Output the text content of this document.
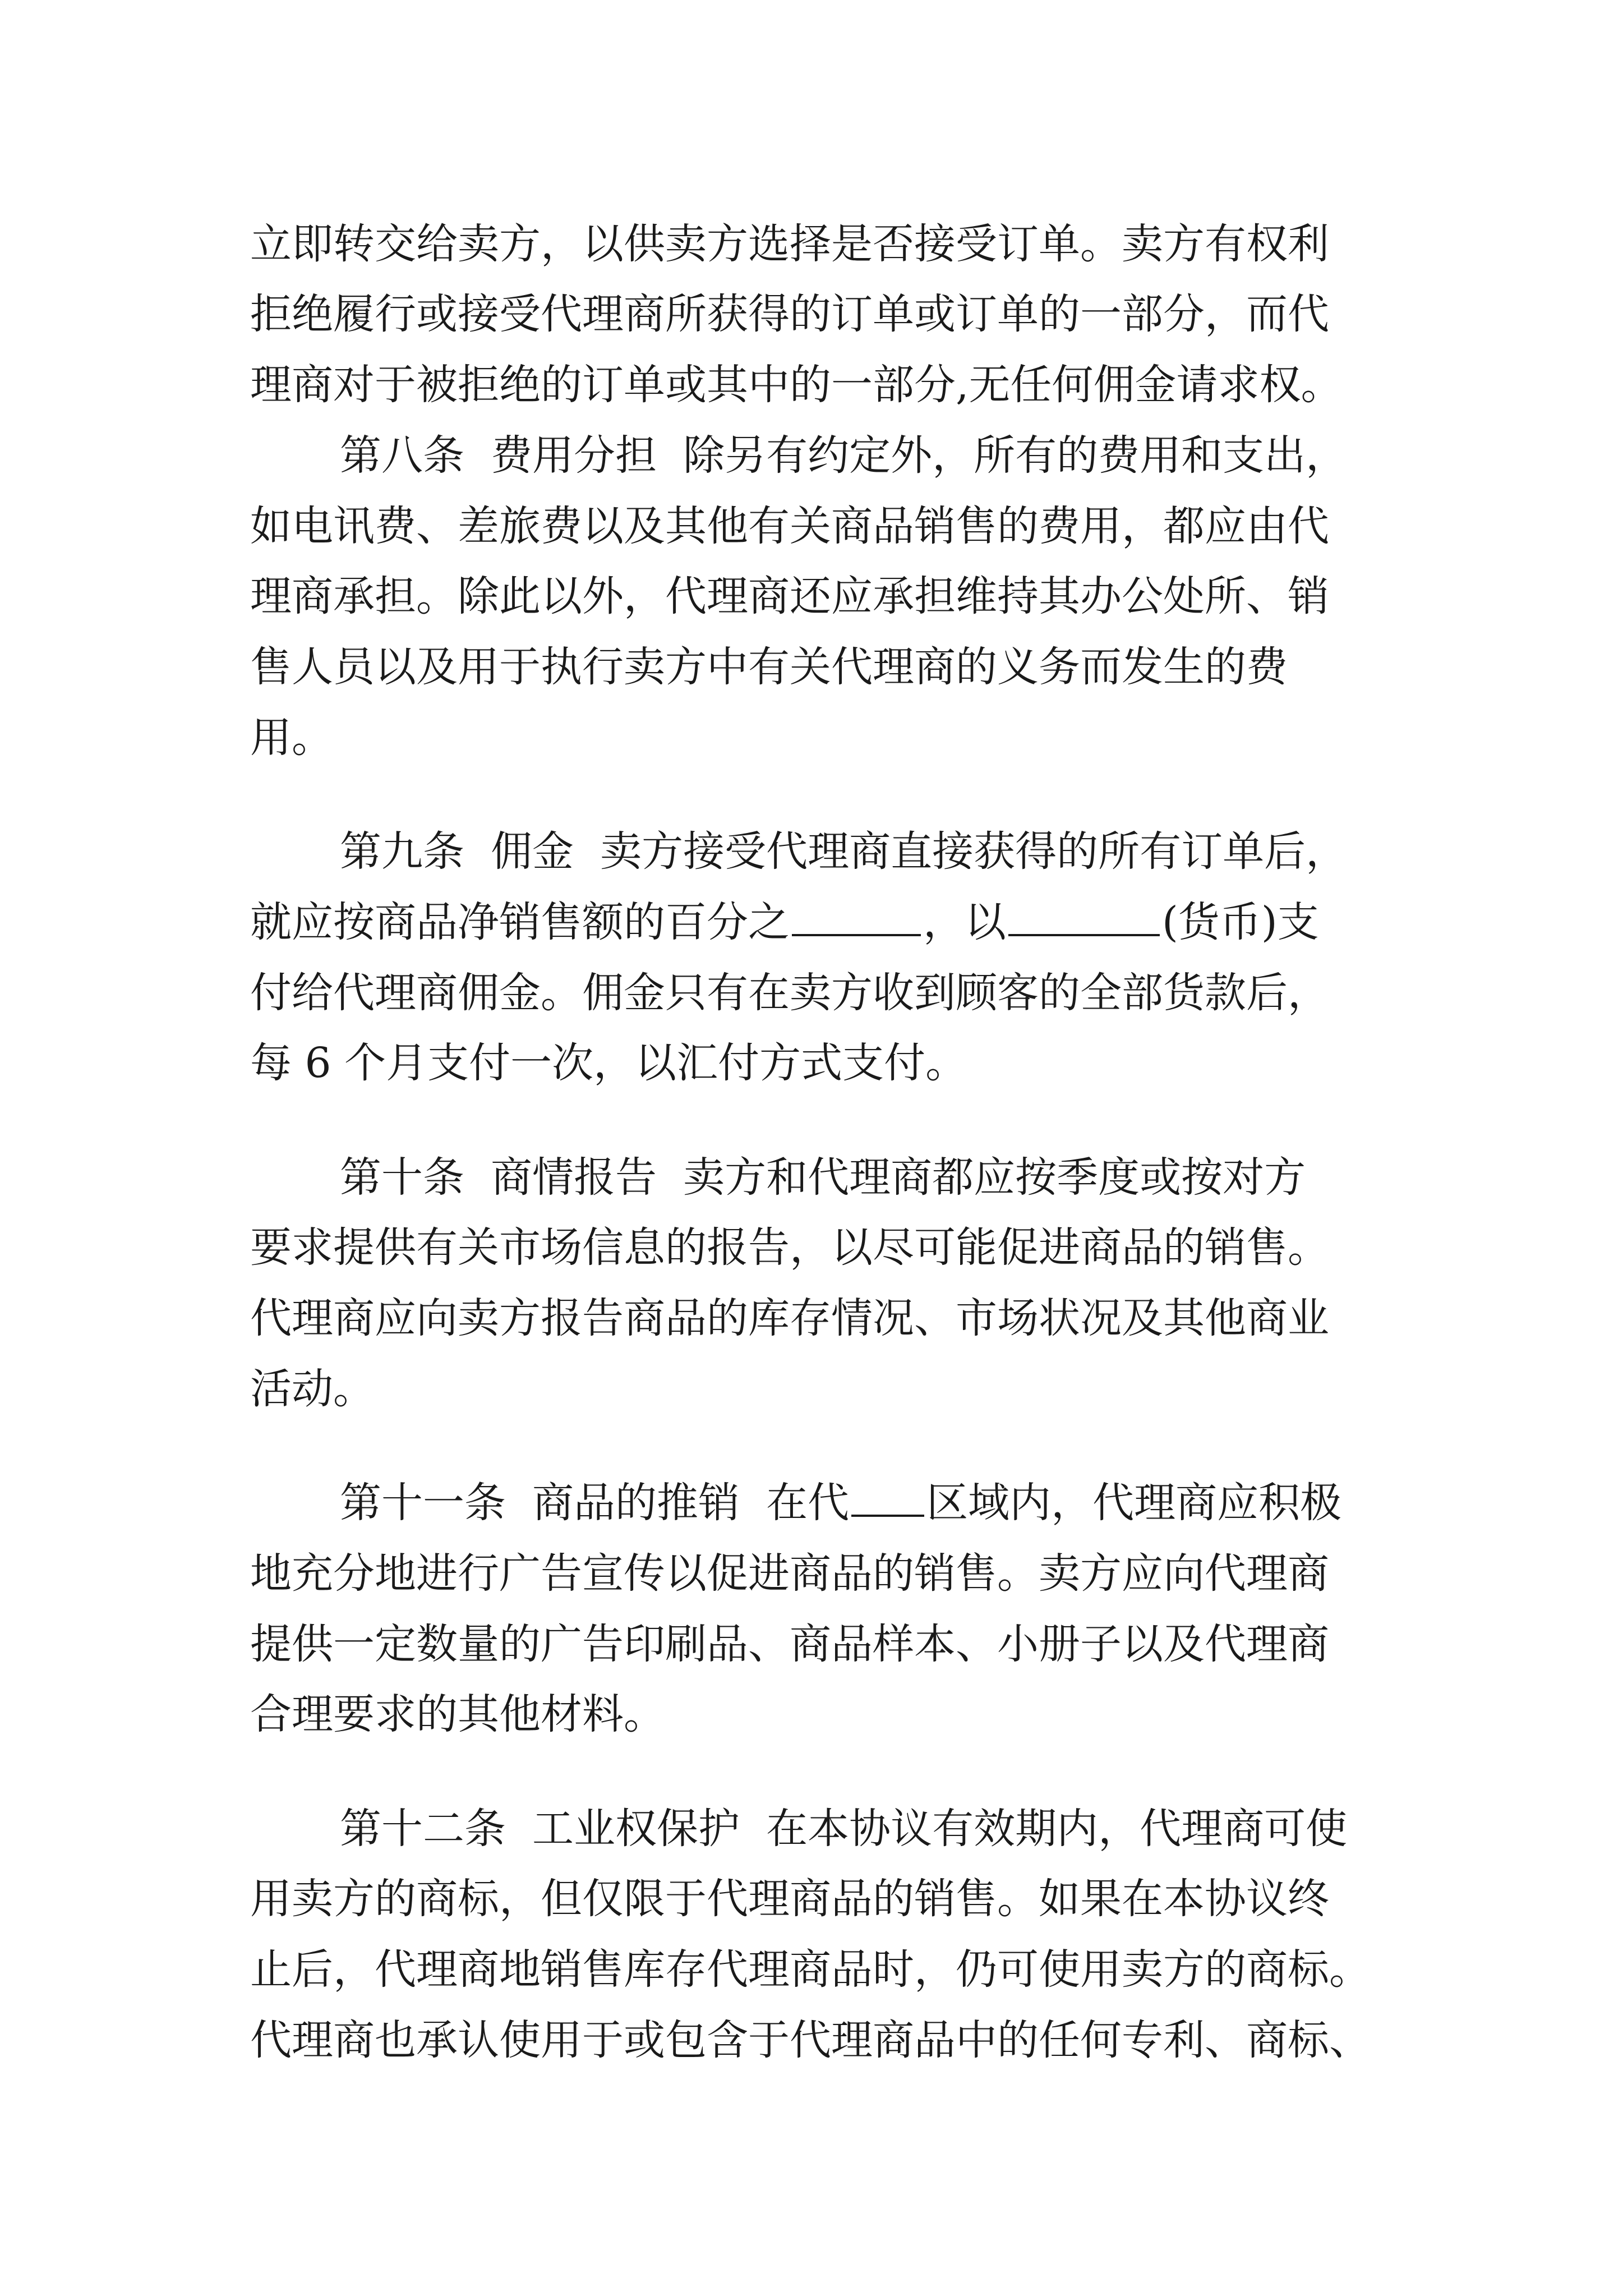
立即转交给卖方，以供卖方选择是否接受订单。卖方有权利
拒绝履行或接受代理商所获得的订单或订单的一部分，而代
理商对于被拒绝的订单或其中的一部分,无任何佣金请求权。
第八条  费用分担  除另有约定外，所有的费用和支出，
如电讯费、差旅费以及其他有关商品销售的费用，都应由代
理商承担。除此以外，代理商还应承担维持其办公处所、销
售人员以及用于执行卖方中有关代理商的义务而发生的费
用。
第九条  佣金  卖方接受代理商直接获得的所有订单后，
就应按商品净销售额的百分之	，以	(货币)支
付给代理商佣金。佣金只有在卖方收到顾客的全部货款后，
每 6 个月支付一次，以汇付方式支付。
第十条  商情报告  卖方和代理商都应按季度或按对方
要求提供有关市场信息的报告，以尽可能促进商品的销售。
代理商应向卖方报告商品的库存情况、市场状况及其他商业
活动。
第十一条  商品的推销  在代 区域内，代理商应积极
地充分地进行广告宣传以促进商品的销售。卖方应向代理商
提供一定数量的广告印刷品、商品样本、小册子以及代理商
合理要求的其他材料。
第十二条  工业权保护  在本协议有效期内，代理商可使
用卖方的商标，但仅限于代理商品的销售。如果在本协议终
止后，代理商地销售库存代理商品时，仍可使用卖方的商标。
代理商也承认使用于或包含于代理商品中的任何专利、商标、
